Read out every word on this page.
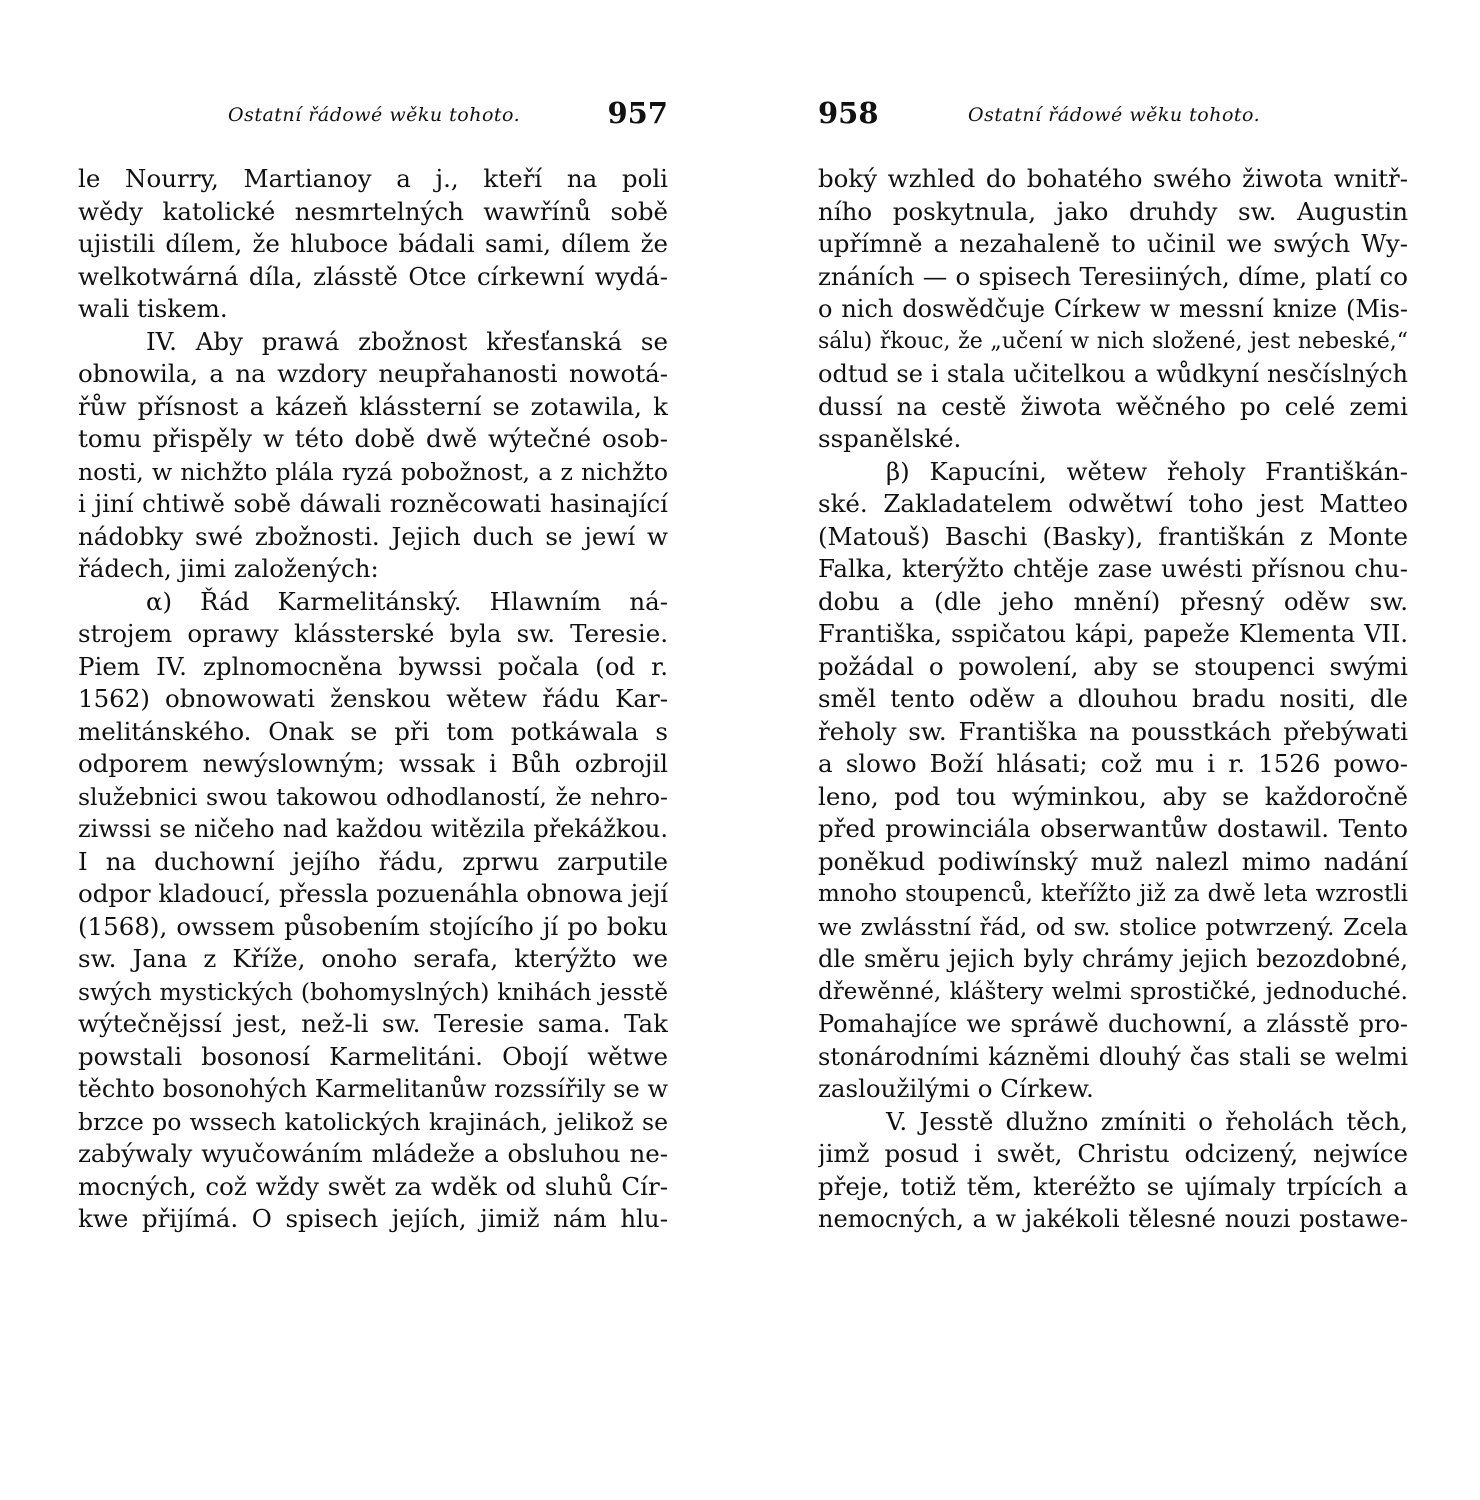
Ostatní řádowé wěku tohoto.	957
le Nourry, Martianoy a j., kteří na poli
wědy katolické nesmrtelných wawřínů sobě
ujistili dílem, že hluboce bádali sami, dílem že
welkotwárná díla, zlásstě Otce církewní wydá-
wali tiskem.
IV. Aby prawá zbožnost křesťanská se
obnowila, a na wzdory neupřahanosti nowotá-
řůw přísnost a kázeň klássterní se zotawila, k
tomu přispěly w této době dwě wýtečné osob-
nosti, w nichžto plála ryzá pobožnost, a z nichžto
i jiní chtiwě sobě dáwali rozněcowati hasinající
nádobky swé zbožnosti. Jejich duch se jewí w
řádech, jimi založených:
α) Řád Karmelitánský. Hlawním ná-
strojem oprawy klássterské byla sw. Teresie.
Piem IV. zplnomocněna bywssi počala (od r.
1562) obnowowati ženskou wětew řádu Kar-
melitánského. Onak se při tom potkáwala s
odporem newýslowným; wssak i Bůh ozbrojil
služebnici swou takowou odhodlaností, že nehro-
ziwssi se ničeho nad každou witězila překážkou.
I na duchowní jejího řádu, zprwu zarputile
odpor kladoucí, přessla pozuenáhla obnowa její
(1568), owssem působením stojícího jí po boku
sw. Jana z Kříže, onoho serafa, kterýžto we
swých mystických (bohomyslných) knihách jesstě
wýtečnějssí jest, než-li sw. Teresie sama. Tak
powstali bosonosí Karmelitáni. Obojí wětwe
těchto bosonohých Karmelitanůw rozssířily se w
brzce po wssech katolických krajinách, jelikož se
zabýwaly wyučowáním mládeže a obsluhou ne-
mocných, což wždy swět za wděk od sluhů Cír-
kwe přijímá. O spisech jejích, jimiž nám hlu-
958	Ostatní řádowé wěku tohoto.
boký wzhled do bohatého swého žiwota wnitř-
ního poskytnula, jako druhdy sw. Augustin
upřímně a nezahaleně to učinil we swých Wy-
znáních — o spisech Teresiiných, díme, platí co
o nich doswědčuje Církew w messní knize (Mis-
sálu) řkouc, že „učení w nich složené, jest nebeské,“
odtud se i stala učitelkou a wůdkyní nesčíslných
dussí na cestě žiwota wěčného po celé zemi
sspanělské.
β) Kapucíni, wětew řeholy Františkán-
ské. Zakladatelem odwětwí toho jest Matteo
(Matouš) Baschi (Basky), františkán z Monte
Falka, kterýžto chtěje zase uwésti přísnou chu-
dobu a (dle jeho mnění) přesný oděw sw.
Františka, sspičatou kápi, papeže Klementa VII.
požádal o powolení, aby se stoupenci swými
směl tento oděw a dlouhou bradu nositi, dle
řeholy sw. Františka na pousstkách přebýwati
a slowo Boží hlásati; což mu i r. 1526 powo-
leno, pod tou wýminkou, aby se každoročně
před prowinciála obserwantůw dostawil. Tento
poněkud podiwínský muž nalezl mimo nadání
mnoho stoupenců, kteřížto již za dwě leta wzrostli
we zwlásstní řád, od sw. stolice potwrzený. Zcela
dle směru jejich byly chrámy jejich bezozdobné,
dřewěnné, kláštery welmi sprostičké, jednoduché.
Pomahajíce we spráwě duchowní, a zlásstě pro-
stonárodními kázněmi dlouhý čas stali se welmi
zasloužilými o Církew.
V. Jesstě dlužno zmíniti o řeholách těch,
jimž posud i swět, Christu odcizený, nejwíce
přeje, totiž těm, kteréžto se ujímaly trpících a
nemocných, a w jakékoli tělesné nouzi postawe-
